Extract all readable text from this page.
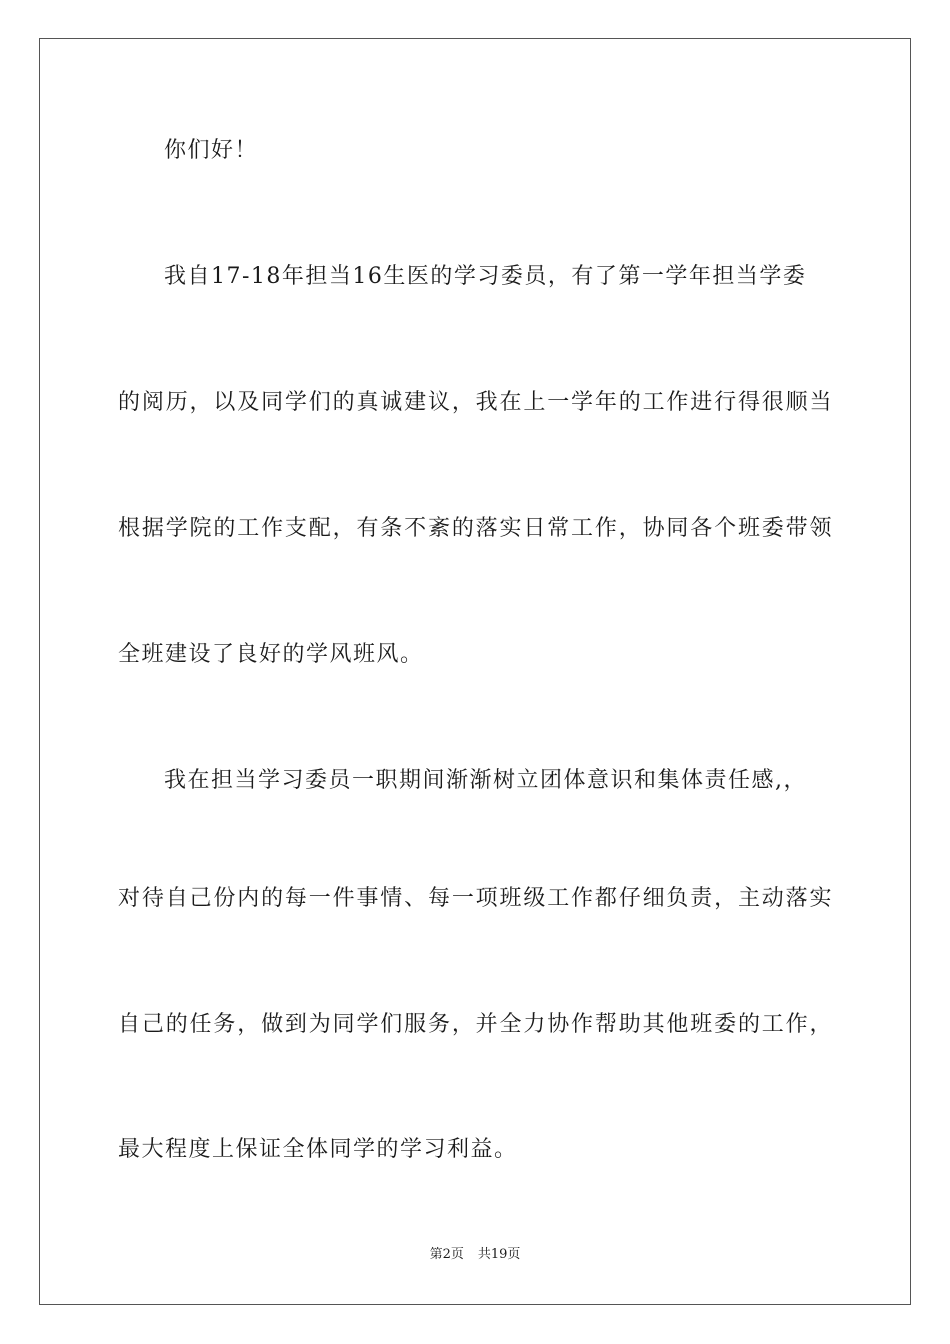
你们好！
我自17-18年担当16生医的学习委员，有了第一学年担当学委
的阅历，以及同学们的真诚建议，我在上一学年的工作进行得很顺当
根据学院的工作支配，有条不紊的落实日常工作，协同各个班委带领
全班建设了良好的学风班风。
我在担当学习委员一职期间渐渐树立团体意识和集体责任感,，
对待自己份内的每一件事情、每一项班级工作都仔细负责，主动落实
自己的任务，做到为同学们服务，并全力协作帮助其他班委的工作，
最大程度上保证全体同学的学习利益。
第2页 共19页
